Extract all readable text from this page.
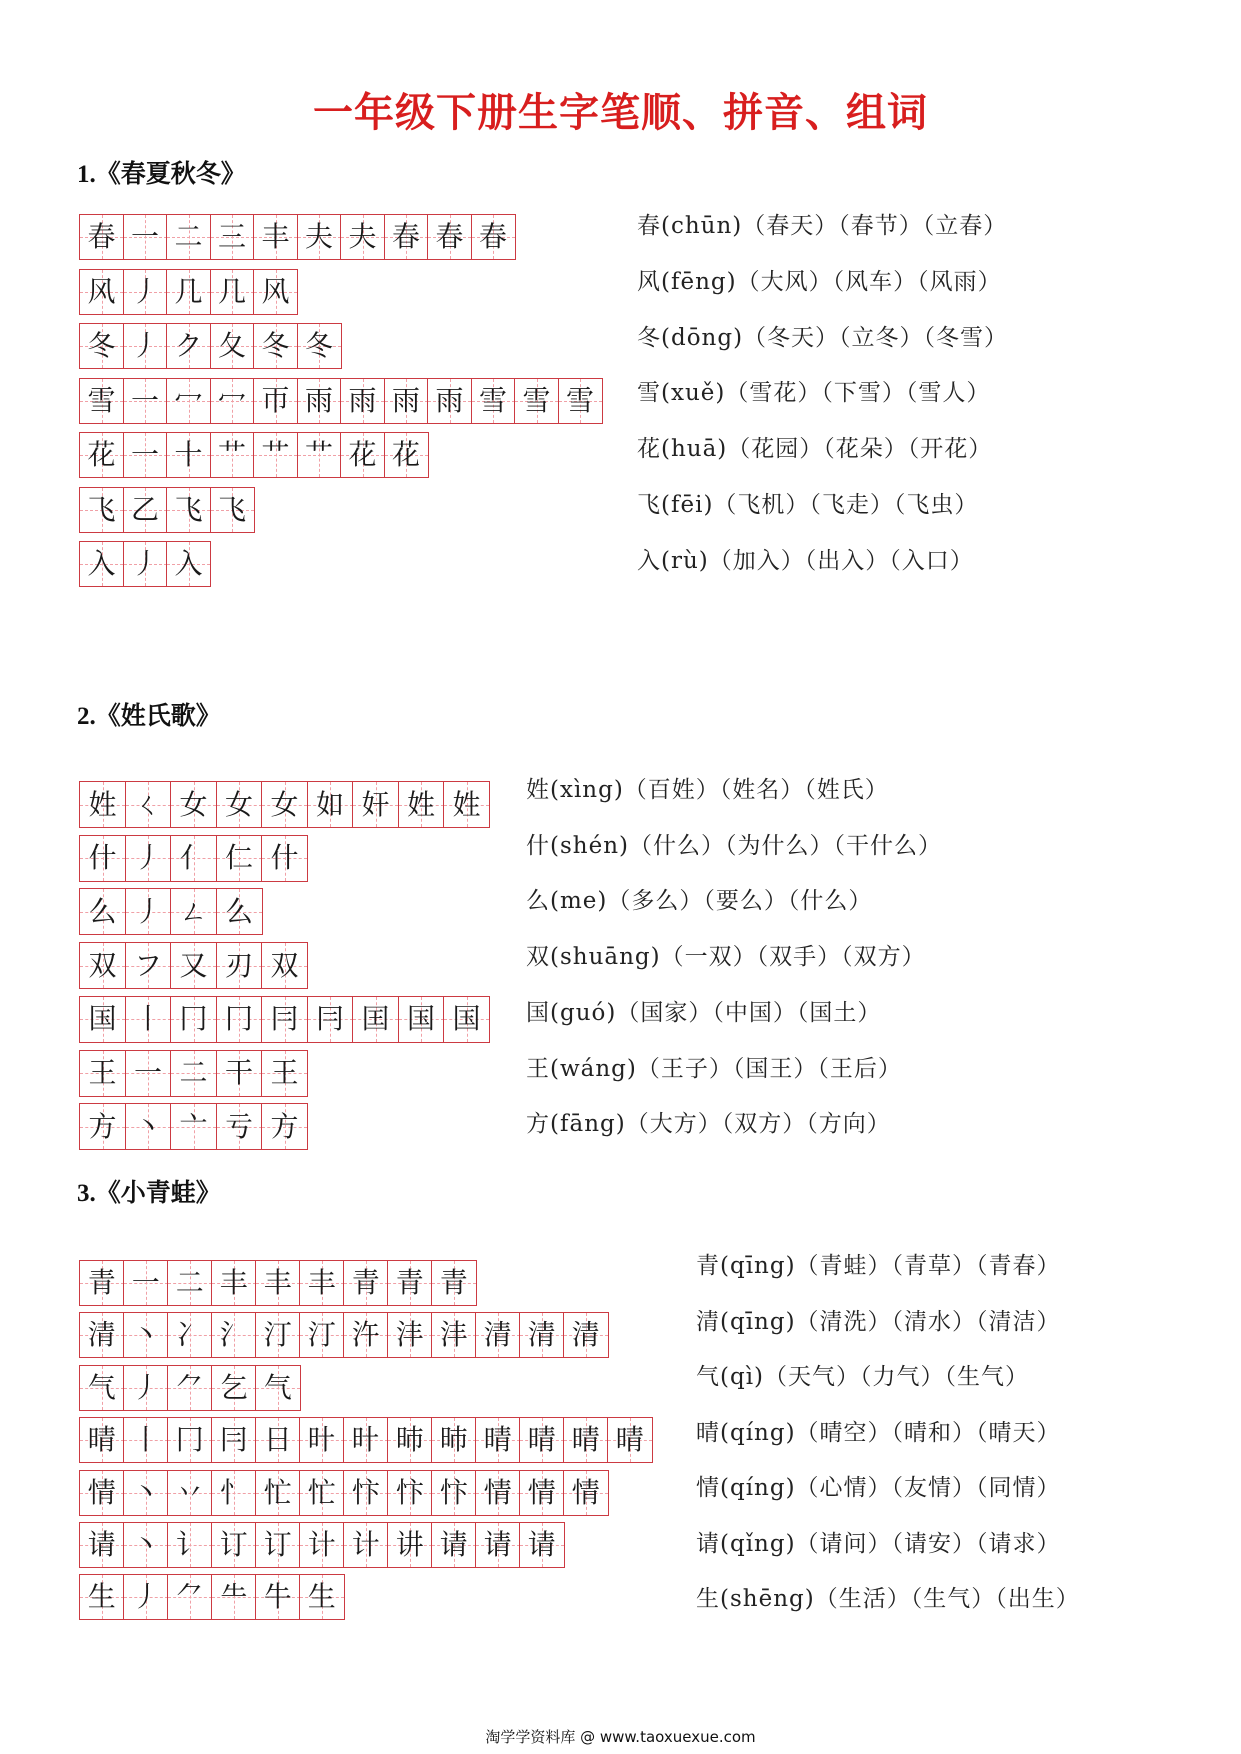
一年级下册生字笔顺、拼音、组词
淘学学资料库 @ www.taoxuexue.com
1.《春夏秋冬》
春 一 二 三 丰 夫 夫 春 春 春	春(chūn)（春天）（春节）（立春）
风 丿 几 几 风	风(fēng)（大风）（风车）（风雨）
冬 丿 ク 夂 冬 冬	冬(dōng)（冬天）（立冬）（冬雪）
雪 一 冖 冖 帀 雨 雨 雨 雨 雪 雪 雪	雪(xuě)（雪花）（下雪）（雪人）
花 一 十 艹 艹 艹 花 花	花(huā)（花园）（花朵）（开花）
飞 乙 飞 飞	飞(fēi)（飞机）（飞走）（飞虫）
入 丿 入	入(rù)（加入）（出入）（入口）
2.《姓氏歌》
姓 ㄑ 女 女 女 如 奸 姓 姓	姓(xìng)（百姓）（姓名）（姓氏）
什 丿 亻 仁 什	什(shén)（什么）（为什么）（干什么）
么 丿 ㄥ 么	么(me)（多么）（要么）（什么）
双 フ 又 刃 双	双(shuāng)（一双）（双手）（双方）
国 丨 冂 冂 冃 冃 囯 国 国	国(guó)（国家）（中国）（国土）
王 一 二 干 王	王(wáng)（王子）（国王）（王后）
方 丶 亠 亏 方	方(fāng)（大方）（双方）（方向）
3.《小青蛙》
青 一 二 丰 丰 丰 青 青 青	青(qīng)（青蛙）（青草）（青春）
清 丶 冫 氵 汀 汀 汻 沣 沣 清 清 清	清(qīng)（清洗）（清水）（清洁）
气 丿 ⺈ 乞 气	气(qì)（天气）（力气）（生气）
晴 丨 冂 冃 日 旪 旪 昁 昁 晴 晴 晴 晴	晴(qíng)（晴空）（晴和）（晴天）
情 丶 丷 忄 忙 忙 忭 忭 忭 情 情 情	情(qíng)（心情）（友情）（同情）
请 丶 讠 订 订 计 计 讲 请 请 请	请(qǐng)（请问）（请安）（请求）
生 丿 ⺈ ⺧ 牛 生	生(shēng)（生活）（生气）（出生）
